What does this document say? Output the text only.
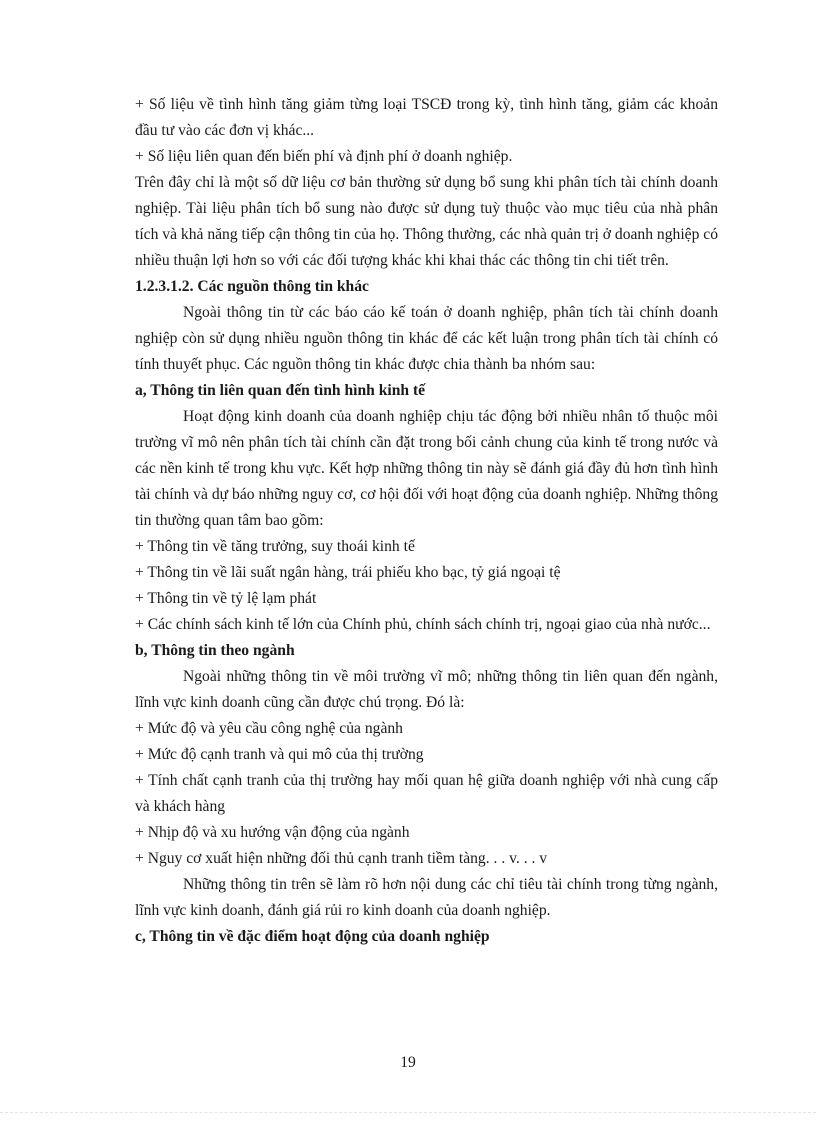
+ Số liệu về tình hình tăng giảm từng loại TSCĐ trong kỳ, tình hình tăng, giảm các khoản đầu tư vào các đơn vị khác...

+ Số liệu liên quan đến biến phí và định phí ở doanh nghiệp.

Trên đây chỉ là một số dữ liệu cơ bản thường sử dụng bổ sung khi phân tích tài chính doanh nghiệp. Tài liệu phân tích bổ sung nào được sử dụng tuỳ thuộc vào mục tiêu của nhà phân tích và khả năng tiếp cận thông tin của họ. Thông thường, các nhà quản trị ở doanh nghiệp có nhiều thuận lợi hơn so với các đối tượng khác khi khai thác các thông tin chi tiết trên.

1.2.3.1.2. Các nguồn thông tin khác

Ngoài thông tin từ các báo cáo kế toán ở doanh nghiệp, phân tích tài chính doanh nghiệp còn sử dụng nhiều nguồn thông tin khác để các kết luận trong phân tích tài chính có tính thuyết phục. Các nguồn thông tin khác được chia thành ba nhóm sau:

a, Thông tin liên quan đến tình hình kinh tế

Hoạt động kinh doanh của doanh nghiệp chịu tác động bởi nhiều nhân tố thuộc môi trường vĩ mô nên phân tích tài chính cần đặt trong bối cảnh chung của kinh tế trong nước và các nền kinh tế trong khu vực. Kết hợp những thông tin này sẽ đánh giá đầy đủ hơn tình hình tài chính và dự báo những nguy cơ, cơ hội đối với hoạt động của doanh nghiệp. Những thông tin thường quan tâm bao gồm:

+ Thông tin về tăng trưởng, suy thoái kinh tế

+ Thông tin về lãi suất ngân hàng, trái phiếu kho bạc, tỷ giá ngoại tệ

+ Thông tin về tỷ lệ lạm phát

+ Các chính sách kinh tế lớn của Chính phủ, chính sách chính trị, ngoại giao của nhà nước...

b, Thông tin theo ngành

Ngoài những thông tin về môi trường vĩ mô; những thông tin liên quan đến ngành, lĩnh vực kinh doanh cũng cần được chú trọng. Đó là:

+ Mức độ và yêu cầu công nghệ của ngành

+ Mức độ cạnh tranh và qui mô của thị trường

+ Tính chất cạnh tranh của thị trường hay mối quan hệ giữa doanh nghiệp với nhà cung cấp và khách hàng

+ Nhịp độ và xu hướng vận động của ngành

+ Nguy cơ xuất hiện những đối thủ cạnh tranh tiềm tàng. . . v. . . v

Những thông tin trên sẽ làm rõ hơn nội dung các chỉ tiêu tài chính trong từng ngành, lĩnh vực kinh doanh, đánh giá rủi ro kinh doanh của doanh nghiệp.

c, Thông tin về đặc điểm hoạt động của doanh nghiệp

19
